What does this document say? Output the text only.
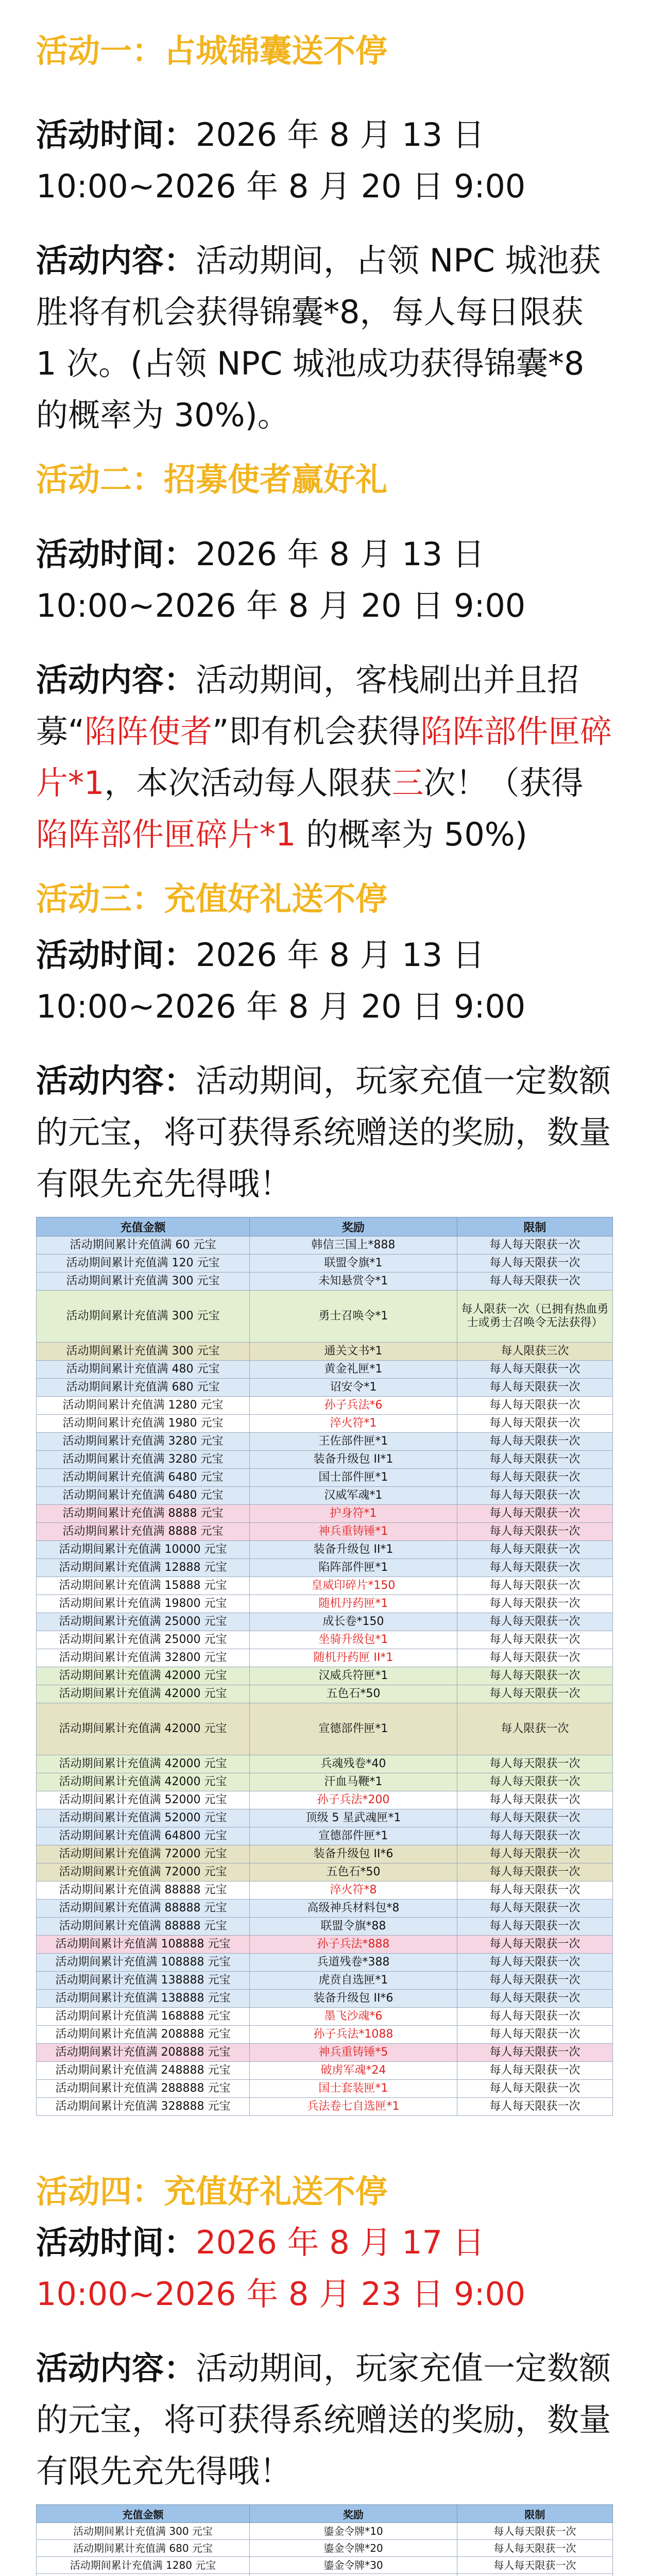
活动一：占城锦囊送不停
活动时间：2026 年 8 月 13 日 10:00~2026 年 8 月 20 日 9:00
活动内容：活动期间，占领 NPC 城池获胜将有机会获得锦囊*8，每人每日限获 1 次。(占领 NPC 城池成功获得锦囊*8 的概率为 30%)。
活动二：招募使者赢好礼
活动时间：2026 年 8 月 13 日 10:00~2026 年 8 月 20 日 9:00
活动内容：活动期间，客栈刷出并且招募“陷阵使者”即有机会获得陷阵部件匣碎片*1，本次活动每人限获三次！（获得陷阵部件匣碎片*1 的概率为 50%)
活动三：充值好礼送不停
活动时间：2026 年 8 月 13 日 10:00~2026 年 8 月 20 日 9:00
活动内容：活动期间，玩家充值一定数额的元宝，将可获得系统赠送的奖励，数量有限先充先得哦！
充值金额	奖励	限制
活动期间累计充值满 60 元宝	韩信三国上*888	每人每天限获一次
活动期间累计充值满 120 元宝	联盟令旗*1	每人每天限获一次
活动期间累计充值满 300 元宝	未知悬赏令*1	每人每天限获一次
活动期间累计充值满 300 元宝	勇士召唤令*1	每人限获一次（已拥有热血勇士或勇士召唤令无法获得）
活动期间累计充值满 300 元宝	通关文书*1	每人限获三次
活动期间累计充值满 480 元宝	黄金礼匣*1	每人每天限获一次
活动期间累计充值满 680 元宝	诏安令*1	每人每天限获一次
活动期间累计充值满 1280 元宝	孙子兵法*6	每人每天限获一次
活动期间累计充值满 1980 元宝	淬火符*1	每人每天限获一次
活动期间累计充值满 3280 元宝	王佐部件匣*1	每人每天限获一次
活动期间累计充值满 3280 元宝	装备升级包 II*1	每人每天限获一次
活动期间累计充值满 6480 元宝	国士部件匣*1	每人每天限获一次
活动期间累计充值满 6480 元宝	汉威军魂*1	每人每天限获一次
活动期间累计充值满 8888 元宝	护身符*1	每人每天限获一次
活动期间累计充值满 8888 元宝	神兵重铸锤*1	每人每天限获一次
活动期间累计充值满 10000 元宝	装备升级包 II*1	每人每天限获一次
活动期间累计充值满 12888 元宝	陷阵部件匣*1	每人每天限获一次
活动期间累计充值满 15888 元宝	皇威印碎片*150	每人每天限获一次
活动期间累计充值满 19800 元宝	随机丹药匣*1	每人每天限获一次
活动期间累计充值满 25000 元宝	成长卷*150	每人每天限获一次
活动期间累计充值满 25000 元宝	坐骑升级包*1	每人每天限获一次
活动期间累计充值满 32800 元宝	随机丹药匣 II*1	每人每天限获一次
活动期间累计充值满 42000 元宝	汉威兵符匣*1	每人每天限获一次
活动期间累计充值满 42000 元宝	五色石*50	每人每天限获一次
活动期间累计充值满 42000 元宝	宣德部件匣*1	每人限获一次
活动期间累计充值满 42000 元宝	兵魂残卷*40	每人每天限获一次
活动期间累计充值满 42000 元宝	汗血马鞭*1	每人每天限获一次
活动期间累计充值满 52000 元宝	孙子兵法*200	每人每天限获一次
活动期间累计充值满 52000 元宝	顶级 5 星武魂匣*1	每人每天限获一次
活动期间累计充值满 64800 元宝	宣德部件匣*1	每人每天限获一次
活动期间累计充值满 72000 元宝	装备升级包 II*6	每人每天限获一次
活动期间累计充值满 72000 元宝	五色石*50	每人每天限获一次
活动期间累计充值满 88888 元宝	淬火符*8	每人每天限获一次
活动期间累计充值满 88888 元宝	高级神兵材料包*8	每人每天限获一次
活动期间累计充值满 88888 元宝	联盟令旗*88	每人每天限获一次
活动期间累计充值满 108888 元宝	孙子兵法*888	每人每天限获一次
活动期间累计充值满 108888 元宝	兵道残卷*388	每人每天限获一次
活动期间累计充值满 138888 元宝	虎贲自选匣*1	每人每天限获一次
活动期间累计充值满 138888 元宝	装备升级包 II*6	每人每天限获一次
活动期间累计充值满 168888 元宝	墨飞沙魂*6	每人每天限获一次
活动期间累计充值满 208888 元宝	孙子兵法*1088	每人每天限获一次
活动期间累计充值满 208888 元宝	神兵重铸锤*5	每人每天限获一次
活动期间累计充值满 248888 元宝	破虏军魂*24	每人每天限获一次
活动期间累计充值满 288888 元宝	国士套装匣*1	每人每天限获一次
活动期间累计充值满 328888 元宝	兵法卷七自选匣*1	每人每天限获一次
活动四：充值好礼送不停
活动时间：2026 年 8 月 17 日 10:00~2026 年 8 月 23 日 9:00
活动内容：活动期间，玩家充值一定数额的元宝，将可获得系统赠送的奖励，数量有限先充先得哦！
充值金额	奖励	限制
活动期间累计充值满 300 元宝	鎏金令牌*10	每人每天限获一次
活动期间累计充值满 680 元宝	鎏金令牌*20	每人每天限获一次
活动期间累计充值满 1280 元宝	鎏金令牌*30	每人每天限获一次
